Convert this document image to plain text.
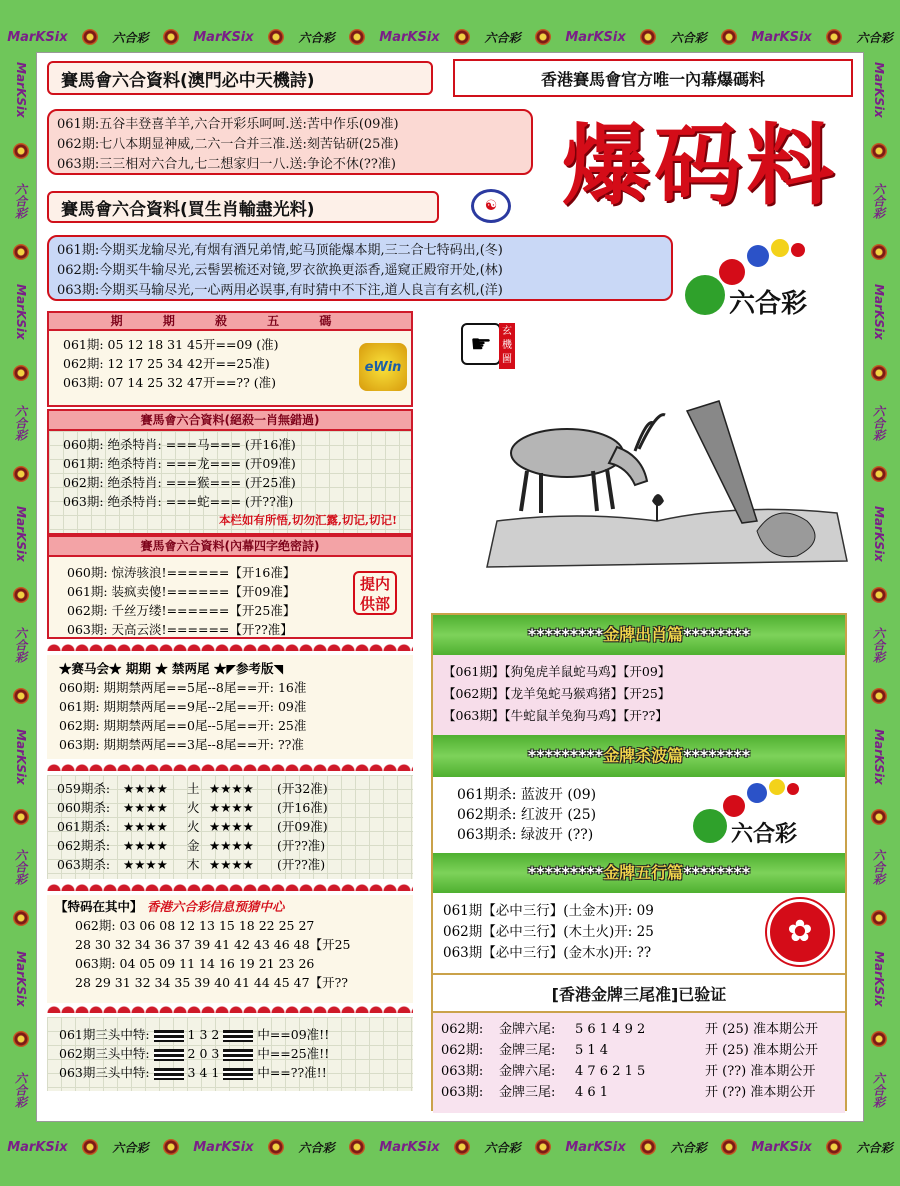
MarKSix	六合彩	MarKSix	六合彩	MarKSix	六合彩	MarKSix	六合彩	MarKSix	六合彩
MarKSix	六合彩	MarKSix	六合彩	MarKSix	六合彩	MarKSix	六合彩	MarKSix	六合彩
MarKSix
六合彩
MarKSix
六合彩
MarKSix
六合彩
MarKSix
六合彩
MarKSix
六合彩
MarKSix
六合彩
MarKSix
六合彩
MarKSix
六合彩
MarKSix
六合彩
MarKSix
六合彩
賽馬會六合資料(澳門必中天機詩)	香港賽馬會官方唯一內幕爆碼料
061期:五谷丰登喜羊羊,六合开彩乐呵呵.送:苦中作乐(09准)
062期:七八本期显神威,二六一合并三准.送:刻苦钻研(25准)
063期:三三相对六合九,七二想家归一八.送:争论不休(??准)	爆码料
賽馬會六合資料(買生肖輸盡光料)	☯
061期:今期买龙输尽光,有烟有酒兄弟情,蛇马顶能爆本期,三二合七特码出,(冬)
062期:今期买牛输尽光,云髻罢梳还对镜,罗衣欲换更添香,遥窥正殿帘开处,(林)
063期:今期买马输尽光,一心两用必误事,有时猜中不下注,道人良言有玄机,(洋)	六合彩
期 期 殺 五 碼
061期: 05 12 18 31 45开==09 (准)
062期: 12 17 25 34 42开==25准)
063期: 07 14 25 32 47开==?? (准)
eWin
賽馬會六合資料(絕殺一肖無錯過)
060期: 绝杀特肖: ===马=== (开16准)
061期: 绝杀特肖: ===龙=== (开09准)
062期: 绝杀特肖: ===猴=== (开25准)
063期: 绝杀特肖: ===蛇=== (开??准)
本栏如有所悟,切勿汇露,切记,切记!
賽馬會六合資料(內幕四字绝密詩)
060期: 惊涛骇浪!======【开16准】
061期: 装疯卖傻!======【开09准】
062期: 千丝万缕!======【开25准】
063期: 天高云淡!======【开??准】
提内供部
★赛马会★ 期期 ★ 禁两尾 ★◤参考版◥
060期: 期期禁两尾==5尾--8尾==开: 16准
061期: 期期禁两尾==9尾--2尾==开: 09准
062期: 期期禁两尾==0尾--5尾==开: 25准
063期: 期期禁两尾==3尾--8尾==开: ??准
059期杀: ★★★★ 土 ★★★★ (开32准)
060期杀: ★★★★ 火 ★★★★ (开16准)
061期杀: ★★★★ 火 ★★★★ (开09准)
062期杀: ★★★★ 金 ★★★★ (开??准)
063期杀: ★★★★ 木 ★★★★ (开??准)
【特码在其中】 香港六合彩信息预猜中心
062期: 03 06 08 12 13 15 18 22 25 27
28 30 32 34 36 37 39 41 42 43 46 48【开25
063期: 04 05 09 11 14 16 19 21 23 26
28 29 31 32 34 35 39 40 41 44 45 47【开??
061期三头中特:	1 3 2	中==09准!!
062期三头中特:	2 0 3	中==25准!!
063期三头中特:	3 4 1	中==??准!!
☛	玄機圖
*********金牌出肖篇********
【061期】【狗兔虎羊鼠蛇马鸡】【开09】
【062期】【龙羊兔蛇马猴鸡猪】【开25】
【063期】【牛蛇鼠羊兔狗马鸡】【开??】
*********金牌杀波篇********
061期杀: 蓝波开 (09)
062期杀: 红波开 (25)
063期杀: 绿波开 (??)	六合彩
*********金牌五行篇********
061期【必中三行】(土金木)开: 09
062期【必中三行】(木土火)开: 25
063期【必中三行】(金木水)开: ??
✿
[香港金牌三尾准]已验证
062期: 金牌六尾: 5 6 1 4 9 2	开 (25) 准本期公开
062期: 金牌三尾: 5 1 4	开 (25) 准本期公开
063期: 金牌六尾: 4 7 6 2 1 5	开 (??) 准本期公开
063期: 金牌三尾: 4 6 1	开 (??) 准本期公开
